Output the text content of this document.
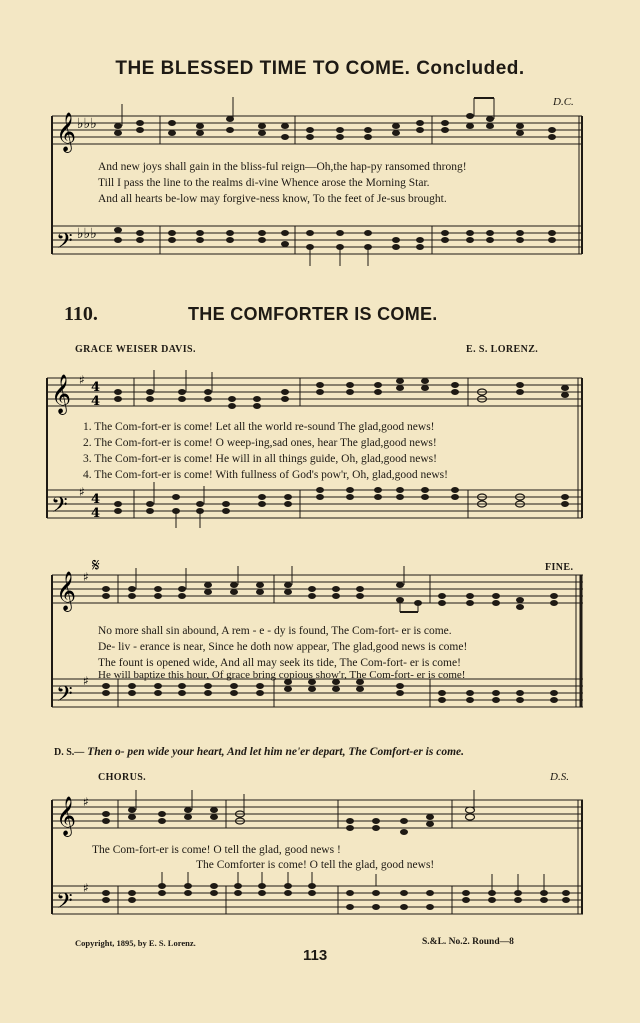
THE BLESSED TIME TO COME. Concluded.
𝄞
𝄢
♭♭♭
♭♭♭
D.C.
And new joys shall gain in the bliss-ful reign—Oh,the hap-py ransomed throng!
Till I pass the line to the realms di-vine Whence arose the Morning Star.
And all hearts be-low may forgive-ness know, To the feet of Je-sus brought.
110.	THE COMFORTER IS COME.
GRACE WEISER DAVIS.	E. S. LORENZ.
𝄞
𝄢
♯
♯
4
4
4
4
1. The Com-fort-er is come! Let all the world re-sound The glad,good news!
2. The Com-fort-er is come! O weep-ing,sad ones, hear The glad,good news!
3. The Com-fort-er is come! He will in all things guide, Oh, glad,good news!
4. The Com-fort-er is come! With fullness of God's pow'r, Oh, glad,good news!
𝄞
𝄢
♯
♯
𝄋	FINE.
No more shall sin abound, A rem - e - dy is found, The Com-fort- er is come.
De- liv - erance is near, Since he doth now appear, The glad,good news is come!
The fount is opened wide, And all may seek its tide, The Com-fort- er is come!
He will baptize this hour, Of grace bring copious show'r, The Com-fort- er is come!
D. S.— Then o- pen wide your heart, And let him ne'er depart, The Comfort-er is come.
CHORUS.	D.S.
𝄞
𝄢
♯
♯
The Com-fort-er is come! O tell the glad, good news !
The Comforter is come! O tell the glad, good news!
Copyright, 1895, by E. S. Lorenz.
113
S.&L. No.2. Round—8
